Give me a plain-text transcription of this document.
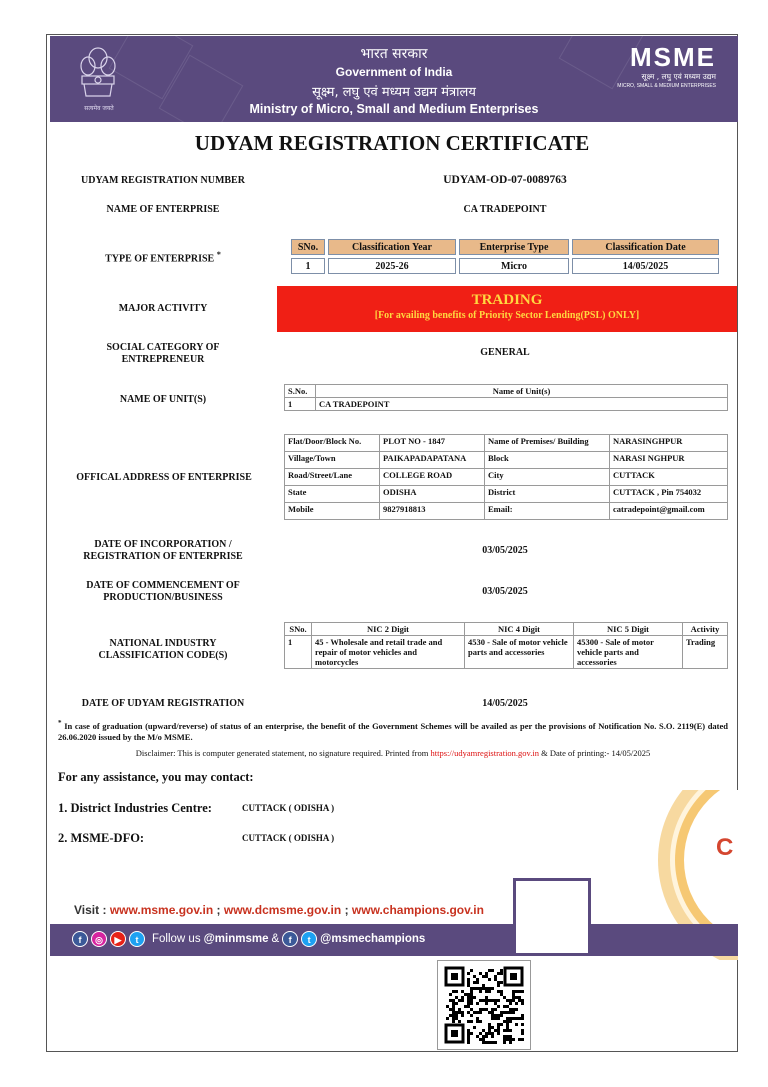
सत्यमेव जयते
भारत सरकार
Government of India
सूक्ष्म, लघु एवं मध्यम उद्यम मंत्रालय
Ministry of Micro, Small and Medium Enterprises
MSME
सूक्ष्म , लघु एवं मध्यम उद्यम
MICRO, SMALL & MEDIUM ENTERPRISES
UDYAM REGISTRATION CERTIFICATE
UDYAM REGISTRATION NUMBER	UDYAM-OD-07-0089763
NAME OF ENTERPRISE	CA TRADEPOINT
TYPE OF ENTERPRISE *
SNo.	Classification Year	Enterprise Type	Classification Date
1	2025-26	Micro	14/05/2025
MAJOR ACTIVITY
TRADING
[For availing benefits of Priority Sector Lending(PSL) ONLY]
SOCIAL CATEGORY OF ENTREPRENEUR
GENERAL
NAME OF UNIT(S)
S.No.	Name of Unit(s)
1	CA TRADEPOINT
OFFICAL ADDRESS OF ENTERPRISE
Flat/Door/Block No.	PLOT NO - 1847	Name of Premises/ Building	NARASINGHPUR
Village/Town	PAIKAPADAPATANA	Block	NARASI NGHPUR
Road/Street/Lane	COLLEGE ROAD	City	CUTTACK
State	ODISHA	District	CUTTACK , Pin 754032
Mobile	9827918813	Email:	catradepoint@gmail.com
DATE OF INCORPORATION / REGISTRATION OF ENTERPRISE
03/05/2025
DATE OF COMMENCEMENT OF PRODUCTION/BUSINESS
03/05/2025
NATIONAL INDUSTRY CLASSIFICATION CODE(S)
SNo.	NIC 2 Digit	NIC 4 Digit	NIC 5 Digit	Activity
1	45 - Wholesale and retail trade and repair of motor vehicles and motorcycles	4530 - Sale of motor vehicle parts and accessories	45300 - Sale of motor vehicle parts and accessories	Trading
DATE OF UDYAM REGISTRATION	14/05/2025
* In case of graduation (upward/reverse) of status of an enterprise, the benefit of the Government Schemes will be availed as per the provisions of Notification No. S.O. 2119(E) dated 26.06.2020 issued by the M/o MSME.
Disclaimer: This is computer generated statement, no signature required. Printed from https://udyamregistration.gov.in & Date of printing:- 14/05/2025
For any assistance, you may contact:
1. District Industries Centre:	CUTTACK ( ODISHA )
2. MSME-DFO:	CUTTACK ( ODISHA )	C
Visit : www.msme.gov.in ; www.dcmsme.gov.in ; www.champions.gov.in
f	◎	▶	t	Follow us @minmsme &	f	t @msmechampions
